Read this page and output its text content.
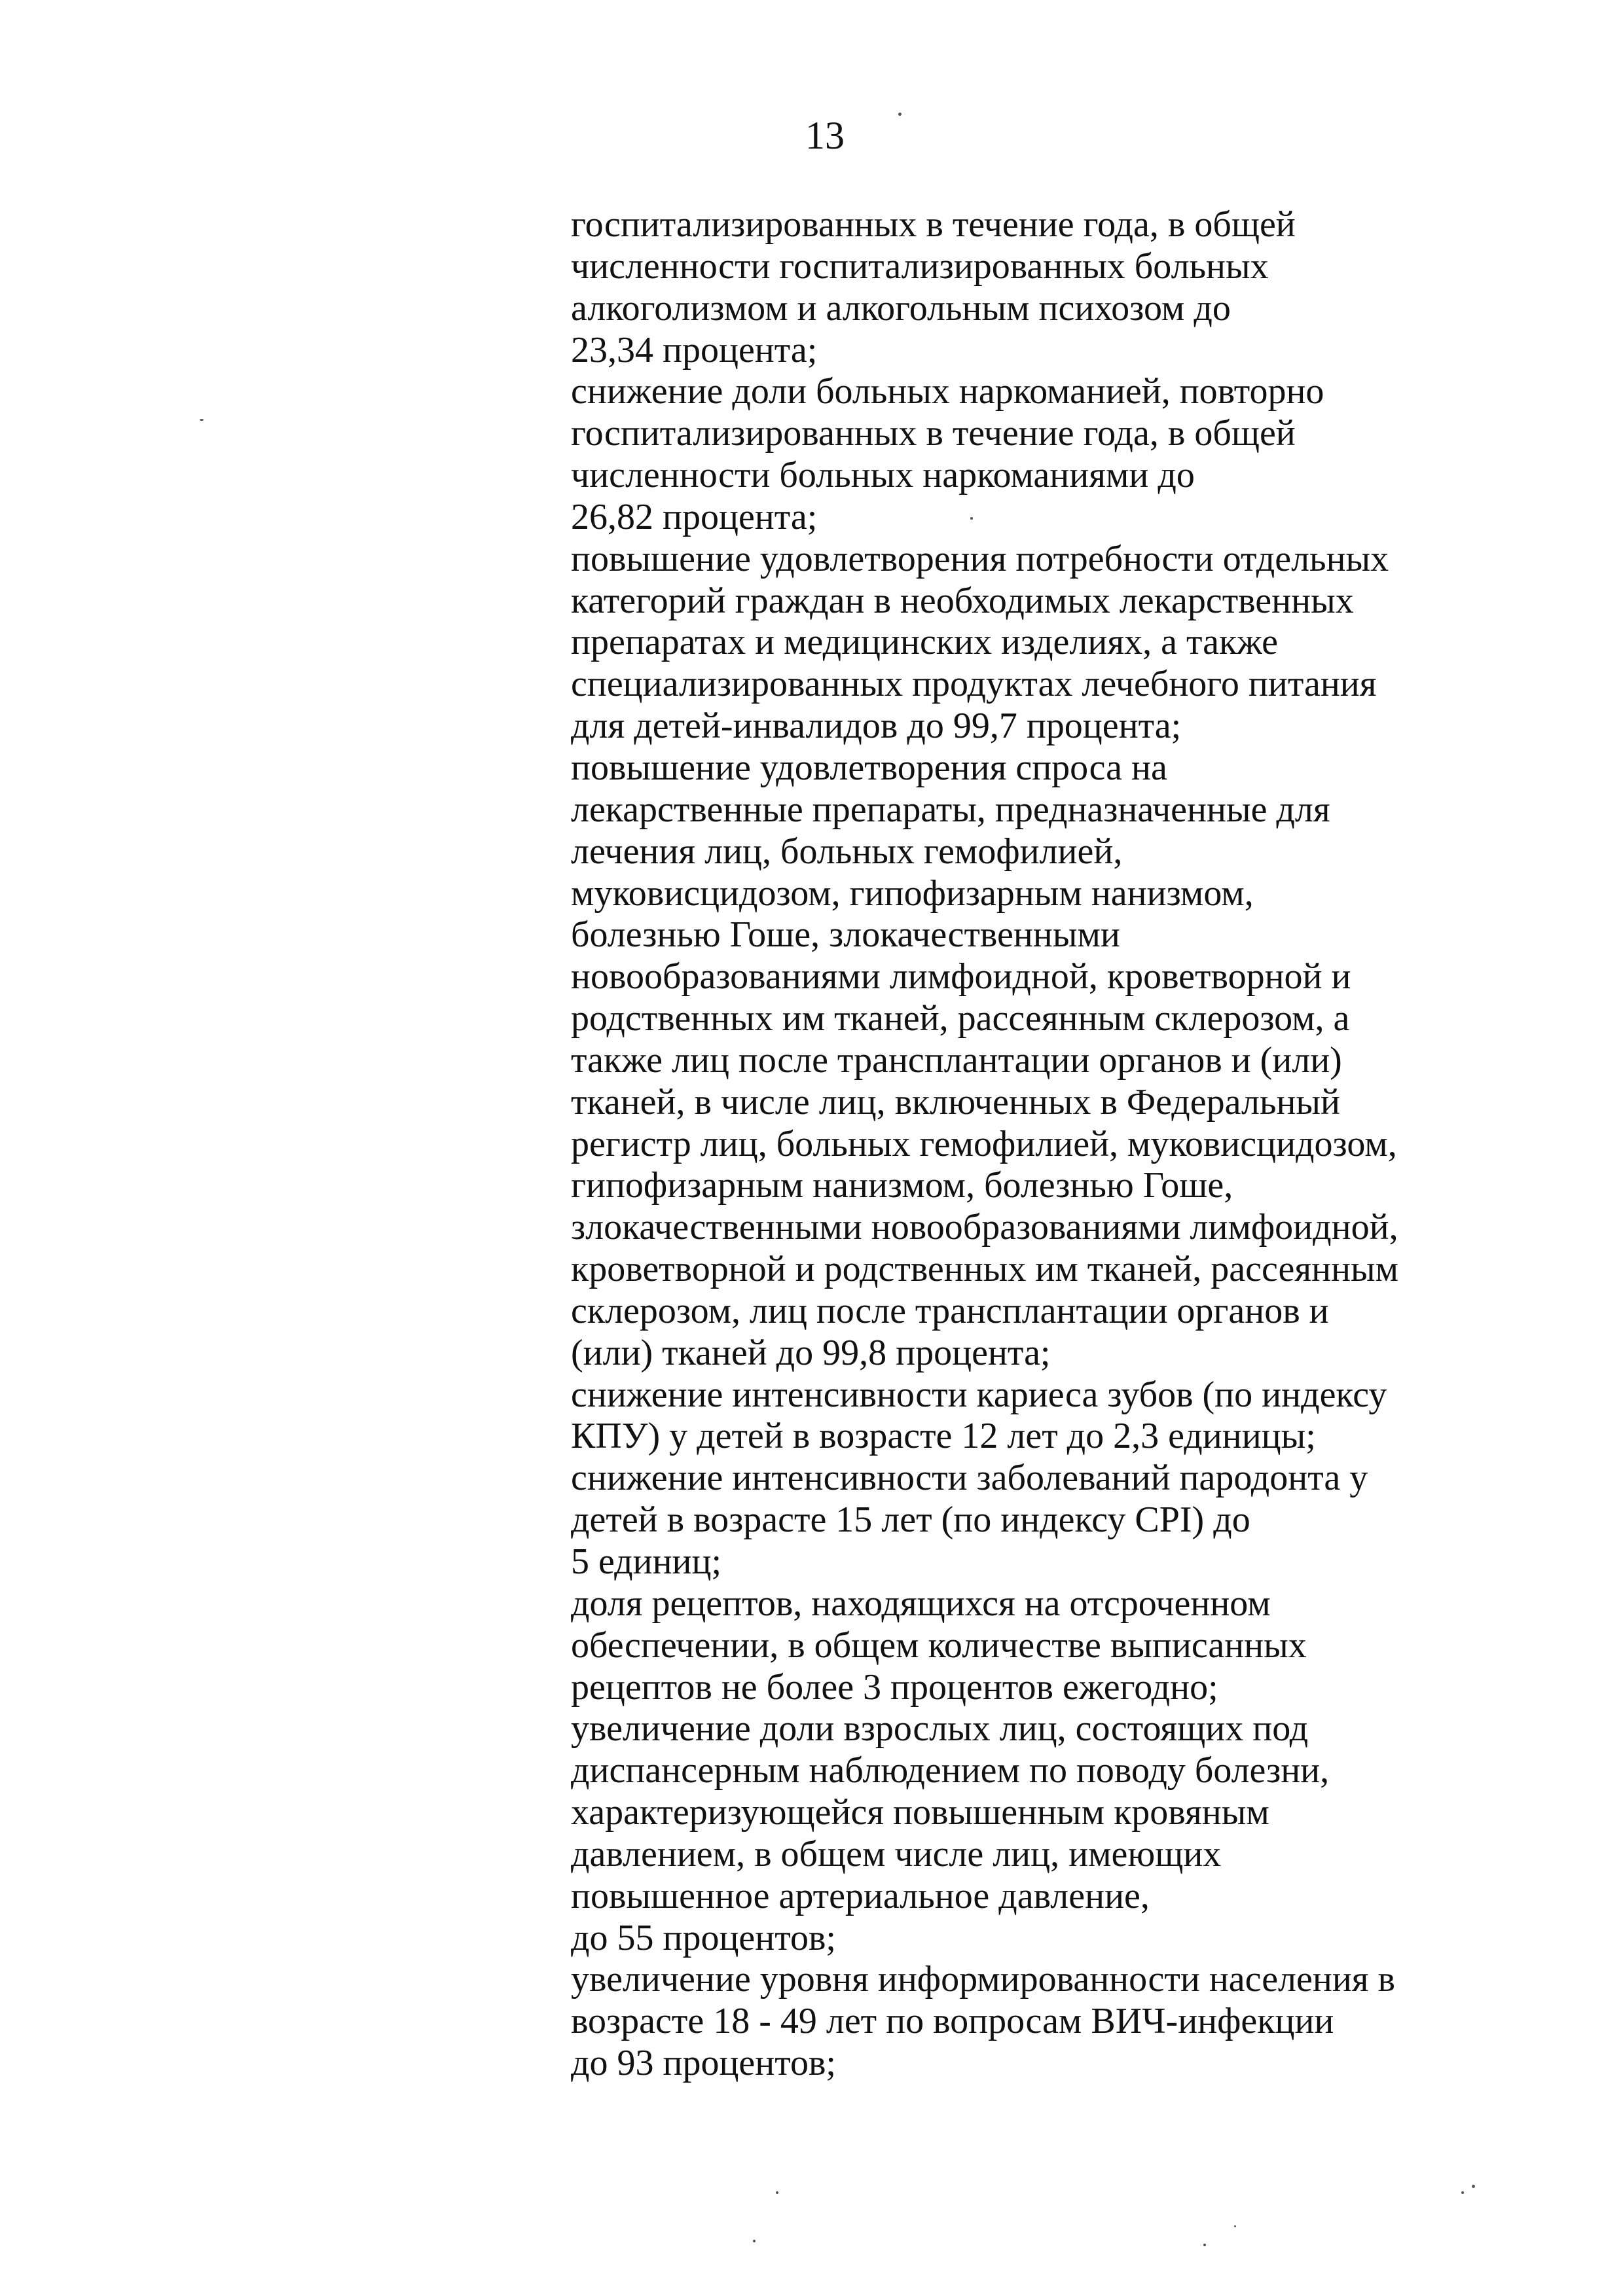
13
госпитализированных в течение года, в общей
численности госпитализированных больных
алкоголизмом и алкогольным психозом до
23,34 процента;
снижение доли больных наркоманией, повторно
госпитализированных в течение года, в общей
численности больных наркоманиями до
26,82 процента;
повышение удовлетворения потребности отдельных
категорий граждан в необходимых лекарственных
препаратах и медицинских изделиях, а также
специализированных продуктах лечебного питания
для детей-инвалидов до 99,7 процента;
повышение удовлетворения спроса на
лекарственные препараты, предназначенные для
лечения лиц, больных гемофилией,
муковисцидозом, гипофизарным нанизмом,
болезнью Гоше, злокачественными
новообразованиями лимфоидной, кроветворной и
родственных им тканей, рассеянным склерозом, а
также лиц после трансплантации органов и (или)
тканей, в числе лиц, включенных в Федеральный
регистр лиц, больных гемофилией, муковисцидозом,
гипофизарным нанизмом, болезнью Гоше,
злокачественными новообразованиями лимфоидной,
кроветворной и родственных им тканей, рассеянным
склерозом, лиц после трансплантации органов и
(или) тканей до 99,8 процента;
снижение интенсивности кариеса зубов (по индексу
КПУ) у детей в возрасте 12 лет до 2,3 единицы;
снижение интенсивности заболеваний пародонта у
детей в возрасте 15 лет (по индексу CPI) до
5 единиц;
доля рецептов, находящихся на отсроченном
обеспечении, в общем количестве выписанных
рецептов не более 3 процентов ежегодно;
увеличение доли взрослых лиц, состоящих под
диспансерным наблюдением по поводу болезни,
характеризующейся повышенным кровяным
давлением, в общем числе лиц, имеющих
повышенное артериальное давление,
до 55 процентов;
увеличение уровня информированности населения в
возрасте 18 - 49 лет по вопросам ВИЧ-инфекции
до 93 процентов;
